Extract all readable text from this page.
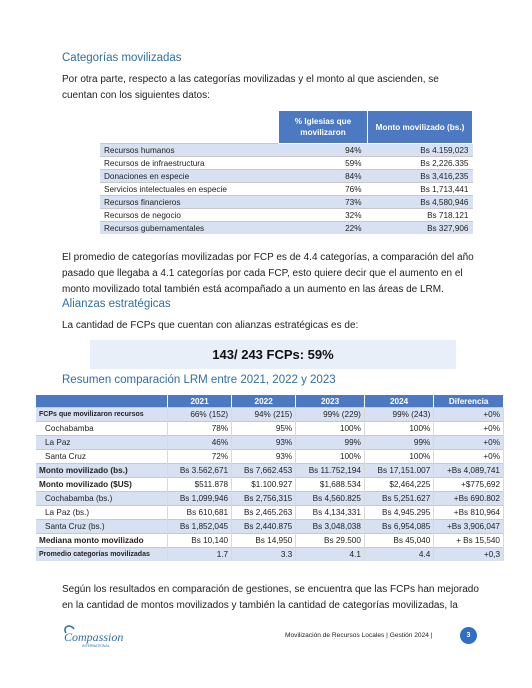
Categorías movilizadas
Por otra parte, respecto a las categorías movilizadas y el monto al que ascienden, se cuentan con los siguientes datos:
	% Iglesias que movilizaron	Monto movilizado (bs.)
Recursos humanos	94%	Bs 4.159,023
Recursos de infraestructura	59%	Bs 2,226.335
Donaciones en especie	84%	Bs 3,416,235
Servicios intelectuales en especie	76%	Bs 1,713,441
Recursos financieros	73%	Bs 4,580,946
Recursos de negocio	32%	Bs 718.121
Recursos gubernamentales	22%	Bs 327,906
El promedio de categorías movilizadas por FCP es de 4.4 categorías, a comparación del año pasado que llegaba a 4.1 categorías por cada FCP, esto quiere decir que el aumento en el monto movilizado total también está acompañado a un aumento en las áreas de LRM.
Alianzas estratégicas
La cantidad de FCPs que cuentan con alianzas estratégicas es de:
143/ 243 FCPs: 59%
Resumen comparación LRM entre 2021, 2022 y 2023
	2021	2022	2023	2024	Diferencia
FCPs que movilizaron recursos	66% (152)	94% (215)	99% (229)	99% (243)	+0%
Cochabamba	78%	95%	100%	100%	+0%
La Paz	46%	93%	99%	99%	+0%
Santa Cruz	72%	93%	100%	100%	+0%
Monto movilizado (bs.)	Bs 3.562,671	Bs 7,662.453	Bs 11.752,194	Bs 17,151.007	+Bs 4,089,741
Monto movilizado ($US)	$511.878	$1.100.927	$1,688.534	$2,464,225	+$775,692
Cochabamba (bs.)	Bs 1,099,946	Bs 2,756,315	Bs 4,560.825	Bs 5,251.627	+Bs 690.802
La Paz (bs.)	Bs 610,681	Bs 2,465.263	Bs 4,134,331	Bs 4,945.295	+Bs 810,964
Santa Cruz (bs.)	Bs 1,852,045	Bs 2,440.875	Bs 3,048,038	Bs 6,954,085	+Bs 3,906,047
Mediana monto movilizado	Bs 10,140	Bs 14,950	Bs 29.500	Bs 45,040	+ Bs 15,540
Promedio categorías movilizadas	1.7	3.3	4.1	4.4	+0,3
Según los resultados en comparación de gestiones, se encuentra que las FCPs han mejorado en la cantidad de montos movilizados y también la cantidad de categorías movilizadas, la
Compassion
INTERNATIONAL
Movilización de Recursos Locales | Gestión 2024 |	3
